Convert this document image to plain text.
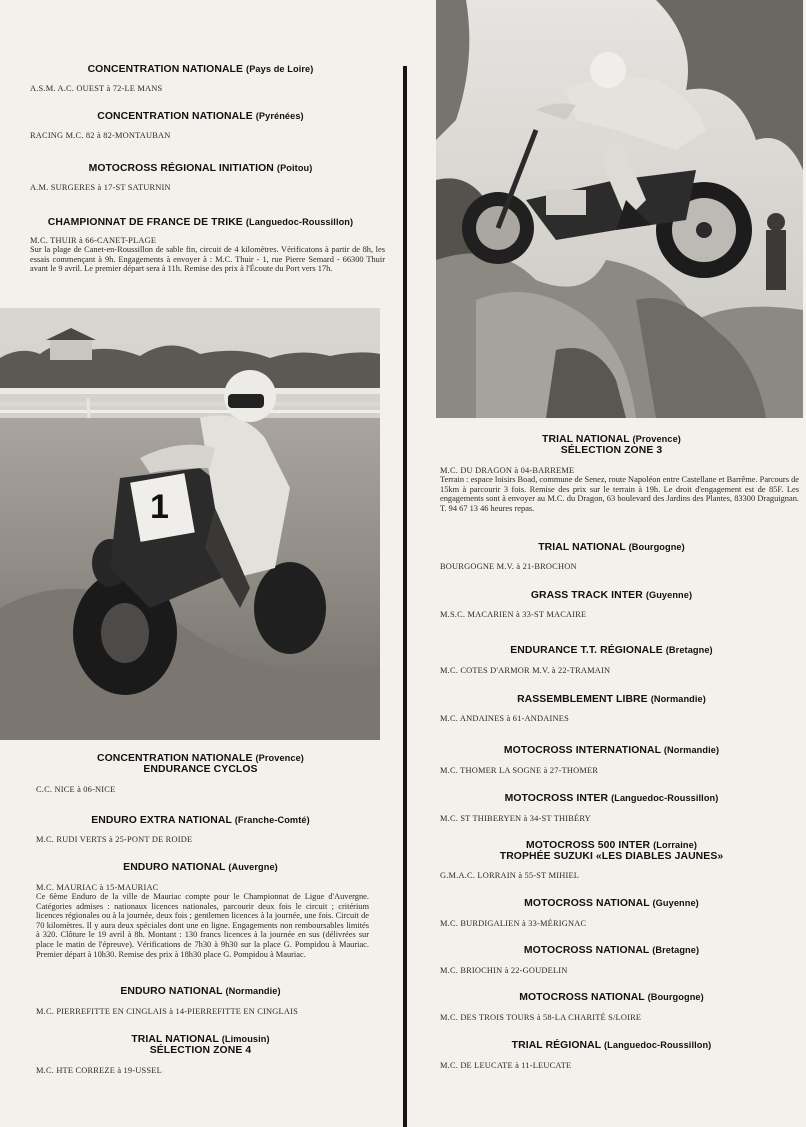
CONCENTRATION NATIONALE (Pays de Loire)
A.S.M. A.C. OUEST à 72-LE MANS
CONCENTRATION NATIONALE (Pyrénées)
RACING M.C. 82 à 82-MONTAUBAN
MOTOCROSS RÉGIONAL INITIATION (Poitou)
A.M. SURGERES à 17-ST SATURNIN
CHAMPIONNAT DE FRANCE DE TRIKE (Languedoc-Roussillon)
M.C. THUIR à 66-CANET-PLAGE
Sur la plage de Canet-en-Roussillon de sable fin, circuit de 4 kilomètres. Vérificatons à partir de 8h, les essais commençant à 9h. Engagements à envoyer à : M.C. Thuir - 1, rue Pierre Semard - 66300 Thuir avant le 9 avril. Le premier départ sera à 11h. Remise des prix à l'Écoute du Port vers 17h.
1
CONCENTRATION NATIONALE (Provence)
ENDURANCE CYCLOS
C.C. NICE à 06-NICE
ENDURO EXTRA NATIONAL (Franche-Comté)
M.C. RUDI VERTS à 25-PONT DE ROIDE
ENDURO NATIONAL (Auvergne)
M.C. MAURIAC à 15-MAURIAC
Ce 6ème Enduro de la ville de Mauriac compte pour le Championnat de Ligue d'Auvergne. Catégories admises : nationaux licences nationales, parcourir deux fois le circuit ; critérium licences régionales ou à la journée, deux fois ; gentlemen licences à la journée, une fois. Circuit de 70 kilomètres. Il y aura deux spéciales dont une en ligne. Engagements non remboursables limités à 320. Clôture le 19 avril à 8h. Montant : 130 francs licences à la journée en sus (délivrées sur place le matin de l'épreuve). Vérifications de 7h30 à 9h30 sur la place G. Pompidou à Mauriac. Premier départ à 10h30. Remise des prix à 18h30 place G. Pompidou à Mauriac.
ENDURO NATIONAL (Normandie)
M.C. PIERREFITTE EN CINGLAIS à 14-PIERREFITTE EN CINGLAIS
TRIAL NATIONAL (Limousin)
SÉLECTION ZONE 4
M.C. HTE CORREZE à 19-USSEL
TRIAL NATIONAL (Provence)
SÉLECTION ZONE 3
M.C. DU DRAGON à 04-BARREME
Terrain : espace loisirs Boad, commune de Senez, route Napoléon entre Castellane et Barrême. Parcours de 15km à parcourir 3 fois. Remise des prix sur le terrain à 19h. Le droit d'engagement est de 85F. Les engagements sont à envoyer au M.C. du Dragon, 63 boulevard des Jardins des Plantes, 83300 Draguignan. T. 94 67 13 46 heures repas.
TRIAL NATIONAL (Bourgogne)
BOURGOGNE M.V. à 21-BROCHON
GRASS TRACK INTER (Guyenne)
M.S.C. MACARIEN à 33-ST MACAIRE
ENDURANCE T.T. RÉGIONALE (Bretagne)
M.C. COTES D'ARMOR M.V. à 22-TRAMAIN
RASSEMBLEMENT LIBRE (Normandie)
M.C. ANDAINES à 61-ANDAINES
MOTOCROSS INTERNATIONAL (Normandie)
M.C. THOMER LA SOGNE à 27-THOMER
MOTOCROSS INTER (Languedoc-Roussillon)
M.C. ST THIBERYEN à 34-ST THIBÉRY
MOTOCROSS 500 INTER (Lorraine)
TROPHÉE SUZUKI «LES DIABLES JAUNES»
G.M.A.C. LORRAIN à 55-ST MIHIEL
MOTOCROSS NATIONAL (Guyenne)
M.C. BURDIGALIEN à 33-MÉRIGNAC
MOTOCROSS NATIONAL (Bretagne)
M.C. BRIOCHIN à 22-GOUDELIN
MOTOCROSS NATIONAL (Bourgogne)
M.C. DES TROIS TOURS à 58-LA CHARITÉ S/LOIRE
TRIAL RÉGIONAL (Languedoc-Roussillon)
M.C. DE LEUCATE à 11-LEUCATE
